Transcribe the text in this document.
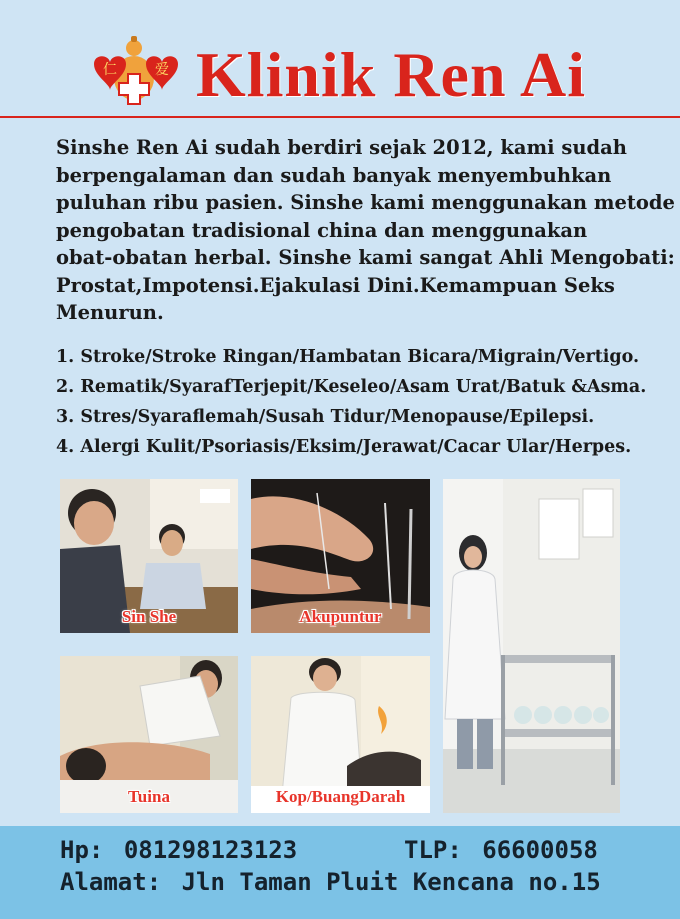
仁	爱 Klinik Ren Ai
Sinshe Ren Ai sudah berdiri sejak 2012, kami sudah
berpengalaman dan sudah banyak menyembuhkan
puluhan ribu pasien. Sinshe kami menggunakan metode
pengobatan tradisional china dan menggunakan
obat-obatan herbal. Sinshe kami sangat Ahli Mengobati:
Prostat,Impotensi.Ejakulasi Dini.Kemampuan Seks
Menurun.
1. Stroke/Stroke Ringan/Hambatan Bicara/Migrain/Vertigo.
2. Rematik/SyarafTerjepit/Keseleo/Asam Urat/Batuk &Asma.
3. Stres/Syaraflemah/Susah Tidur/Menopause/Epilepsi.
4. Alergi Kulit/Psoriasis/Eksim/Jerawat/Cacar Ular/Herpes.
Sin She	Akupuntur
Tuina	Kop/BuangDarah
Hp: 081298123123	TLP: 66600058
Alamat: Jln Taman Pluit Kencana no.15
